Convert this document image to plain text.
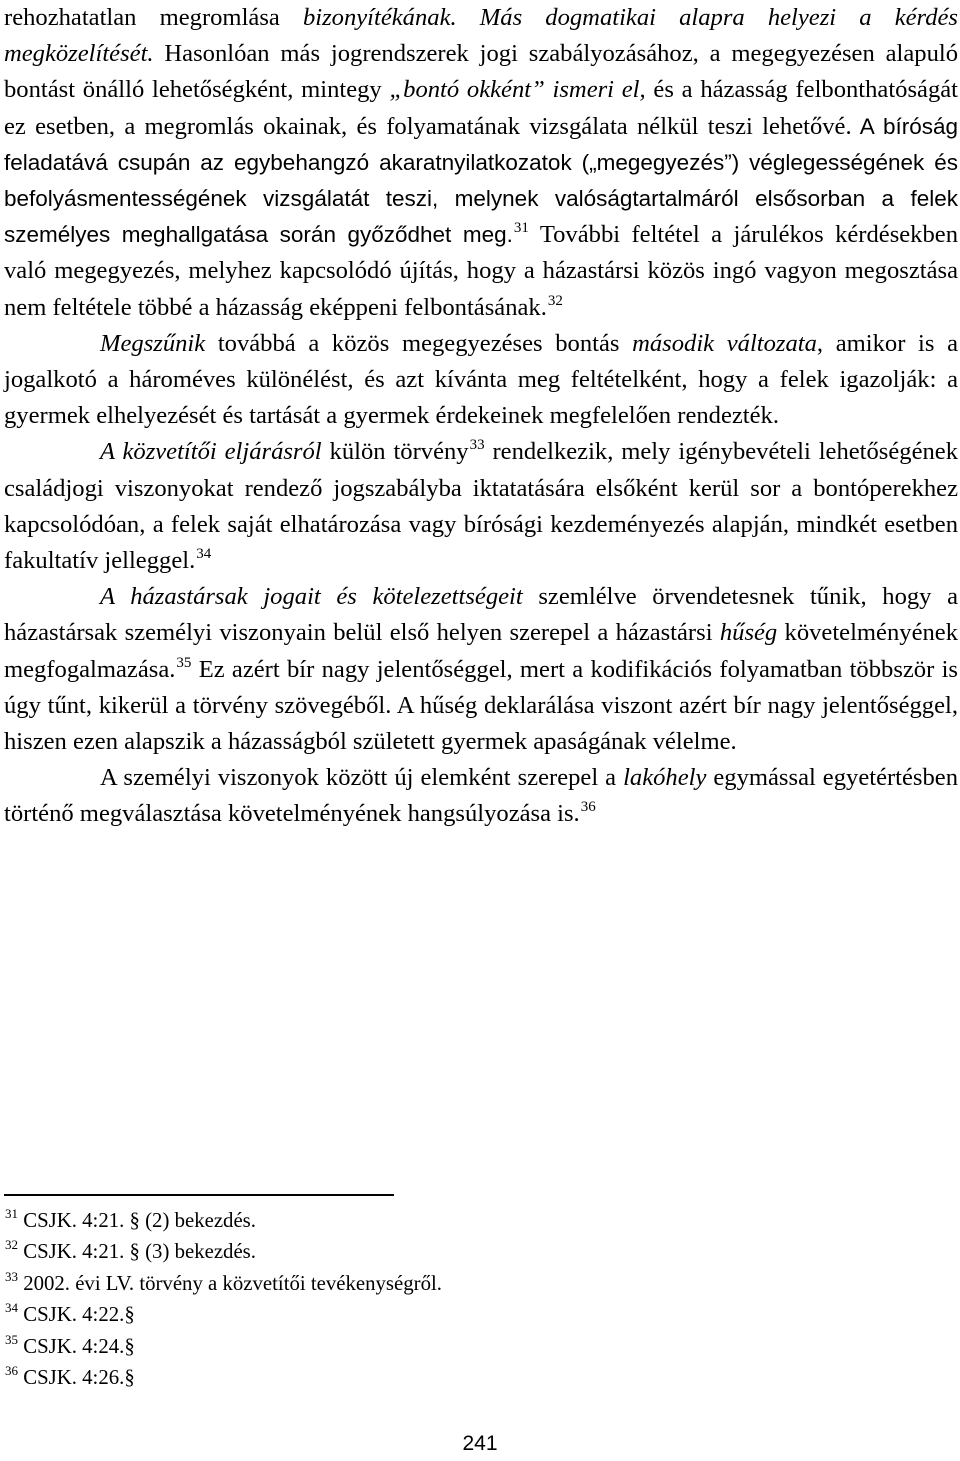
rehozhatatlan megromlása bizonyítékának. Más dogmatikai alapra helyezi a kérdés megközelítését. Hasonlóan más jogrendszerek jogi szabályozásához, a megegyezésen alapuló bontást önálló lehetőségként, mintegy „bontó okként” ismeri el, és a házasság felbonthatóságát ez esetben, a megromlás okainak, és folyamatának vizsgálata nélkül teszi lehetővé. A bíróság feladatává csupán az egybehangzó akaratnyilatkozatok („megegyezés”) véglegességének és befolyásmentességének vizsgálatát teszi, melynek valóságtartalmáról elsősorban a felek személyes meghallgatása során győződhet meg.$^{31}$ További feltétel a járulékos kérdésekben való megegyezés, melyhez kapcsolódó újítás, hogy a házastársi közös ingó vagyon megosztása nem feltétele többé a házasság eképpeni felbontásának.$^{32}$

Megszűnik továbbá a közös megegyezéses bontás második változata, amikor is a jogalkotó a hároméves különélést, és azt kívánta meg feltételként, hogy a felek igazolják: a gyermek elhelyezését és tartását a gyermek érdekeinek megfelelően rendezték.

A közvetítői eljárásról külön törvény$^{33}$ rendelkezik, mely igénybevételi lehetőségének családjogi viszonyokat rendező jogszabályba iktatatására elsőként kerül sor a bontóperekhez kapcsolódóan, a felek saját elhatározása vagy bírósági kezdeményezés alapján, mindkét esetben fakultatív jelleggel.$^{34}$

A házastársak jogait és kötelezettségeit szemlélve örvendetesnek tűnik, hogy a házastársak személyi viszonyain belül első helyen szerepel a házastársi hűség követelményének megfogalmazása.$^{35}$ Ez azért bír nagy jelentőséggel, mert a kodifikációs folyamatban többször is úgy tűnt, kikerül a törvény szövegéből. A hűség deklarálása viszont azért bír nagy jelentőséggel, hiszen ezen alapszik a házasságból született gyermek apaságának vélelme.

A személyi viszonyok között új elemként szerepel a lakóhely egymással egyetértésben történő megválasztása követelményének hangsúlyozása is.$^{36}$

$^{31}$ CSJK. 4:21. § (2) bekezdés.

$^{32}$ CSJK. 4:21. § (3) bekezdés.

$^{33}$ 2002. évi LV. törvény a közvetítői tevékenységről.

$^{34}$ CSJK. 4:22.§

$^{35}$ CSJK. 4:24.§

$^{36}$ CSJK. 4:26.§

241
